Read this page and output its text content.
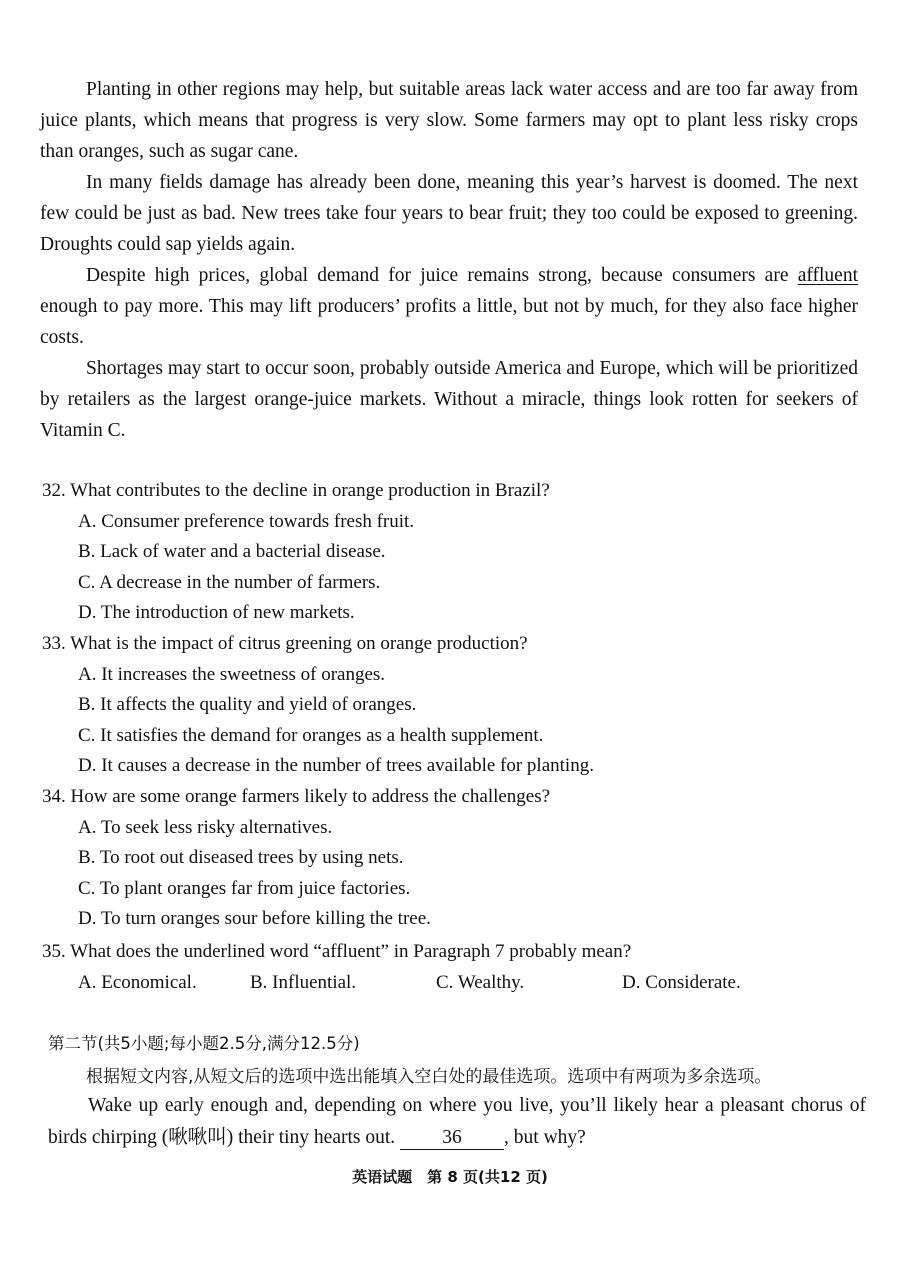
Planting in other regions may help, but suitable areas lack water access and are too far away from juice plants, which means that progress is very slow. Some farmers may opt to plant less risky crops than oranges, such as sugar cane.

In many fields damage has already been done, meaning this year’s harvest is doomed. The next few could be just as bad. New trees take four years to bear fruit; they too could be exposed to greening. Droughts could sap yields again.

Despite high prices, global demand for juice remains strong, because consumers are affluent enough to pay more. This may lift producers’ profits a little, but not by much, for they also face higher costs.

Shortages may start to occur soon, probably outside America and Europe, which will be prioritized by retailers as the largest orange-juice markets. Without a miracle, things look rotten for seekers of Vitamin C.

32. What contributes to the decline in orange production in Brazil?
A. Consumer preference towards fresh fruit.
B. Lack of water and a bacterial disease.
C. A decrease in the number of farmers.
D. The introduction of new markets.
33. What is the impact of citrus greening on orange production?
A. It increases the sweetness of oranges.
B. It affects the quality and yield of oranges.
C. It satisfies the demand for oranges as a health supplement.
D. It causes a decrease in the number of trees available for planting.
34. How are some orange farmers likely to address the challenges?
A. To seek less risky alternatives.
B. To root out diseased trees by using nets.
C. To plant oranges far from juice factories.
D. To turn oranges sour before killing the tree.
35. What does the underlined word “affluent” in Paragraph 7 probably mean?
A. Economical.	B. Influential.	C. Wealthy.	D. Considerate.
第二节(共5小题;每小题2.5分,满分12.5分)
根据短文内容,从短文后的选项中选出能填入空白处的最佳选项。选项中有两项为多余选项。

Wake up early enough and, depending on where you live, you’ll likely hear a pleasant chorus of birds chirping (啾啾叫) their tiny hearts out. 36 , but why?

英语试题　第 8 页(共12 页)
